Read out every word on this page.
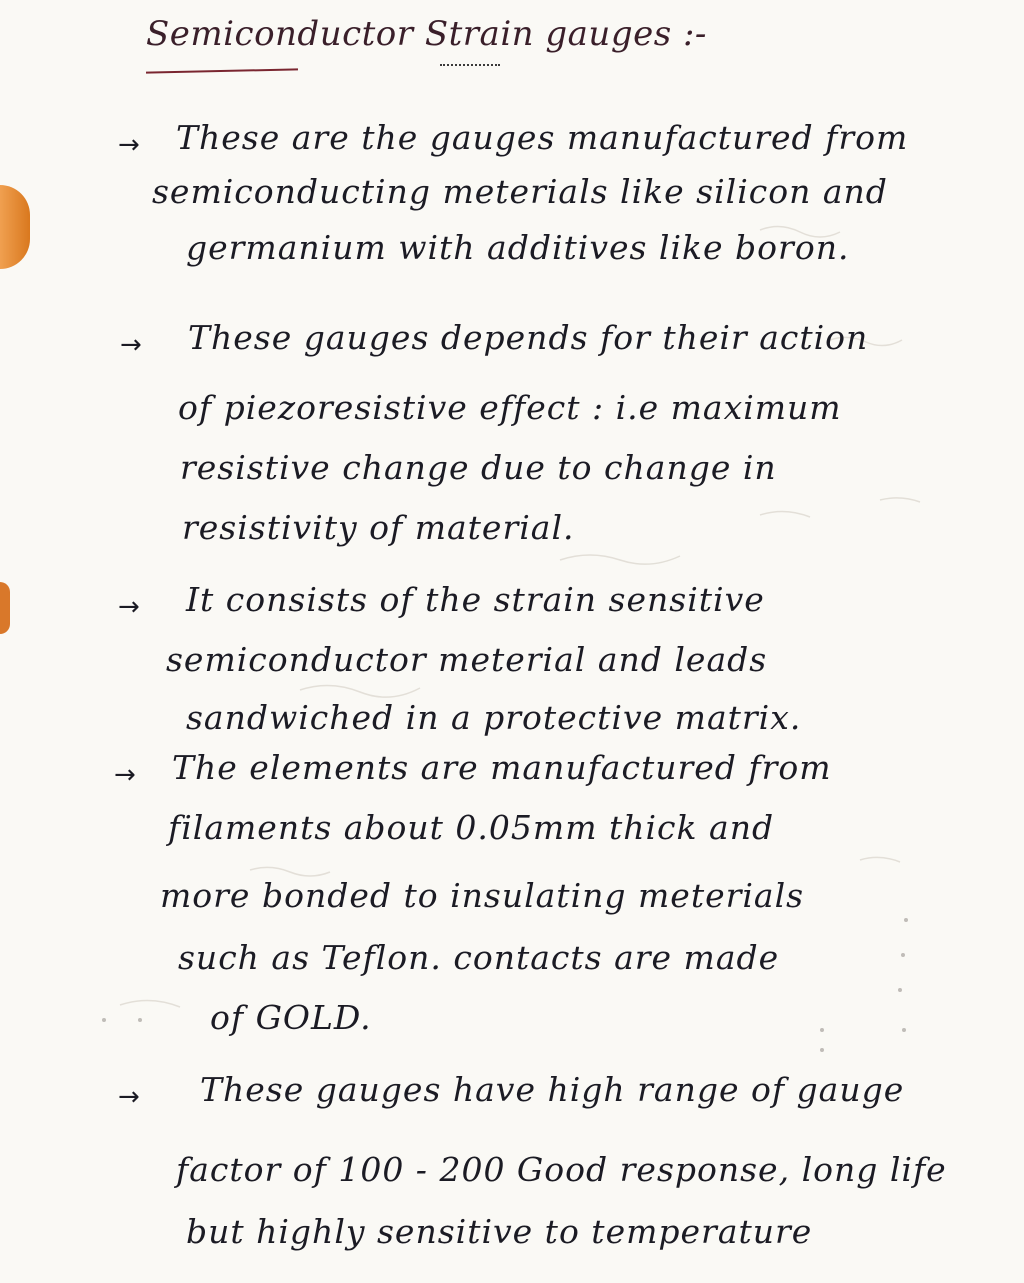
Semiconductor Strain gauges :-
→ These are the gauges manufactured from
semiconducting meterials like silicon and
germanium with additives like boron.
→ These gauges depends for their action
of piezoresistive effect : i.e maximum
resistive change due to change in
resistivity of material.
→ It consists of the strain sensitive
semiconductor meterial and leads
sandwiched in a protective matrix.
→ The elements are manufactured from
filaments about 0.05mm thick and
more bonded to insulating meterials
such as Teflon. contacts are made
of GOLD.
→ These gauges have high range of gauge
factor of 100 - 200 Good response, long life
but highly sensitive to temperature
